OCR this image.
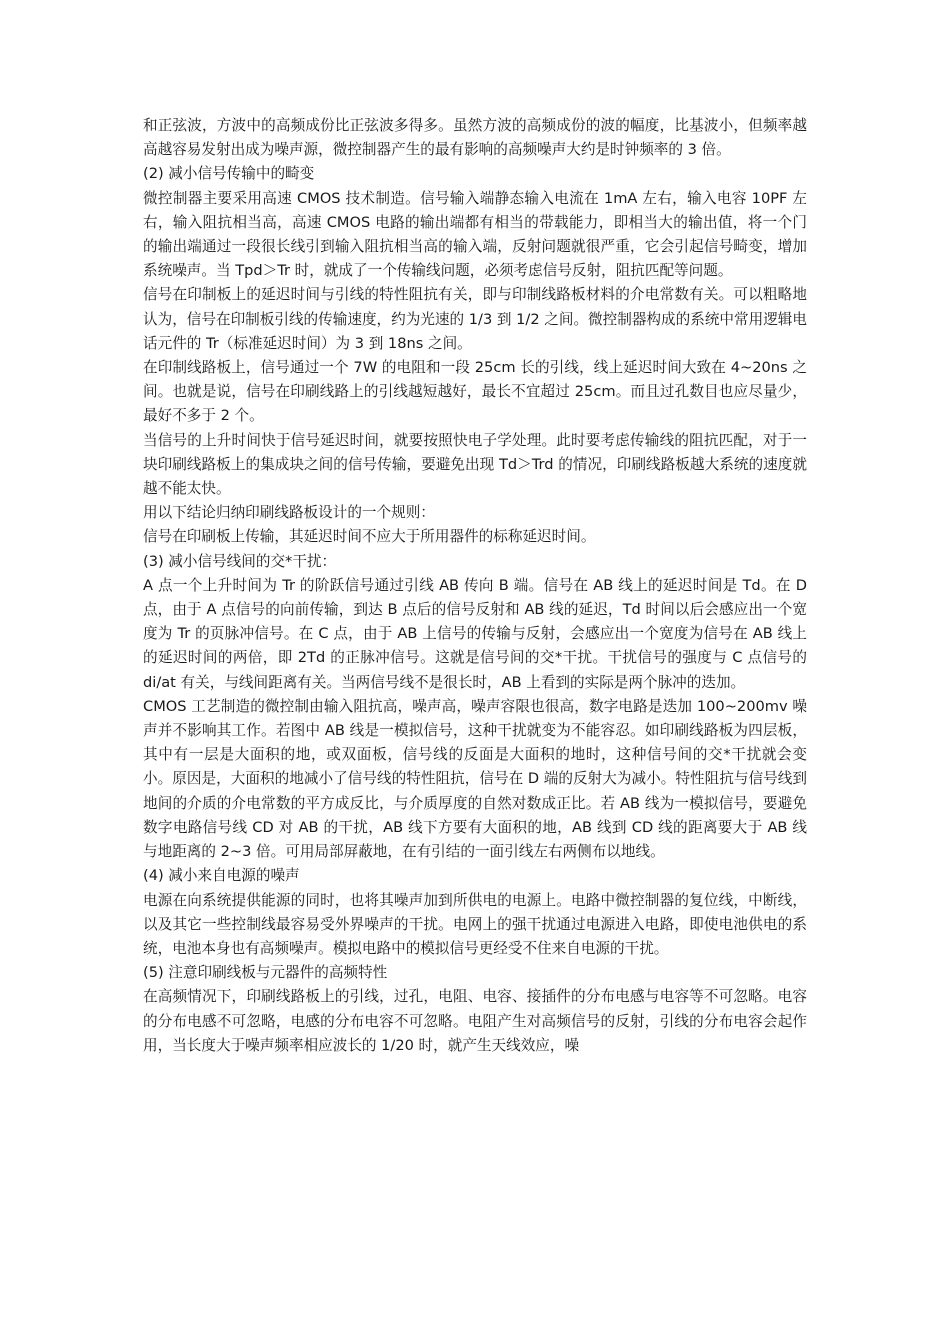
和正弦波，方波中的高频成份比正弦波多得多。虽然方波的高频成份的波的幅度，比基波小，但频率越高越容易发射出成为噪声源，微控制器产生的最有影响的高频噪声大约是时钟频率的 3 倍。

(2) 减小信号传输中的畸变

微控制器主要采用高速 CMOS 技术制造。信号输入端静态输入电流在 1mA 左右，输入电容 10PF 左右，输入阻抗相当高，高速 CMOS 电路的输出端都有相当的带载能力，即相当大的输出值，将一个门的输出端通过一段很长线引到输入阻抗相当高的输入端，反射问题就很严重，它会引起信号畸变，增加系统噪声。当 Tpd＞Tr 时，就成了一个传输线问题，必须考虑信号反射，阻抗匹配等问题。

信号在印制板上的延迟时间与引线的特性阻抗有关，即与印制线路板材料的介电常数有关。可以粗略地认为，信号在印制板引线的传输速度，约为光速的 1/3 到 1/2 之间。微控制器构成的系统中常用逻辑电话元件的 Tr（标准延迟时间）为 3 到 18ns 之间。

在印制线路板上，信号通过一个 7W 的电阻和一段 25cm 长的引线，线上延迟时间大致在 4~20ns 之间。也就是说，信号在印刷线路上的引线越短越好，最长不宜超过 25cm。而且过孔数目也应尽量少，最好不多于 2 个。

当信号的上升时间快于信号延迟时间，就要按照快电子学处理。此时要考虑传输线的阻抗匹配，对于一块印刷线路板上的集成块之间的信号传输，要避免出现 Td＞Trd 的情况，印刷线路板越大系统的速度就越不能太快。

用以下结论归纳印刷线路板设计的一个规则：

信号在印刷板上传输，其延迟时间不应大于所用器件的标称延迟时间。

(3) 减小信号线间的交*干扰：

A 点一个上升时间为 Tr 的阶跃信号通过引线 AB 传向 B 端。信号在 AB 线上的延迟时间是 Td。在 D 点，由于 A 点信号的向前传输，到达 B 点后的信号反射和 AB 线的延迟，Td 时间以后会感应出一个宽度为 Tr 的页脉冲信号。在 C 点，由于 AB 上信号的传输与反射，会感应出一个宽度为信号在 AB 线上的延迟时间的两倍，即 2Td 的正脉冲信号。这就是信号间的交*干扰。干扰信号的强度与 C 点信号的 di/at 有关，与线间距离有关。当两信号线不是很长时，AB 上看到的实际是两个脉冲的迭加。

CMOS 工艺制造的微控制由输入阻抗高，噪声高，噪声容限也很高，数字电路是迭加 100~200mv 噪声并不影响其工作。若图中 AB 线是一模拟信号，这种干扰就变为不能容忍。如印刷线路板为四层板，其中有一层是大面积的地，或双面板，信号线的反面是大面积的地时，这种信号间的交*干扰就会变小。原因是，大面积的地减小了信号线的特性阻抗，信号在 D 端的反射大为减小。特性阻抗与信号线到地间的介质的介电常数的平方成反比，与介质厚度的自然对数成正比。若 AB 线为一模拟信号，要避免数字电路信号线 CD 对 AB 的干扰，AB 线下方要有大面积的地，AB 线到 CD 线的距离要大于 AB 线与地距离的 2~3 倍。可用局部屏蔽地，在有引结的一面引线左右两侧布以地线。

(4) 减小来自电源的噪声

电源在向系统提供能源的同时，也将其噪声加到所供电的电源上。电路中微控制器的复位线，中断线，以及其它一些控制线最容易受外界噪声的干扰。电网上的强干扰通过电源进入电路，即使电池供电的系统，电池本身也有高频噪声。模拟电路中的模拟信号更经受不住来自电源的干扰。

(5) 注意印刷线板与元器件的高频特性

在高频情况下，印刷线路板上的引线，过孔，电阻、电容、接插件的分布电感与电容等不可忽略。电容的分布电感不可忽略，电感的分布电容不可忽略。电阻产生对高频信号的反射，引线的分布电容会起作用，当长度大于噪声频率相应波长的 1/20 时，就产生天线效应，噪
